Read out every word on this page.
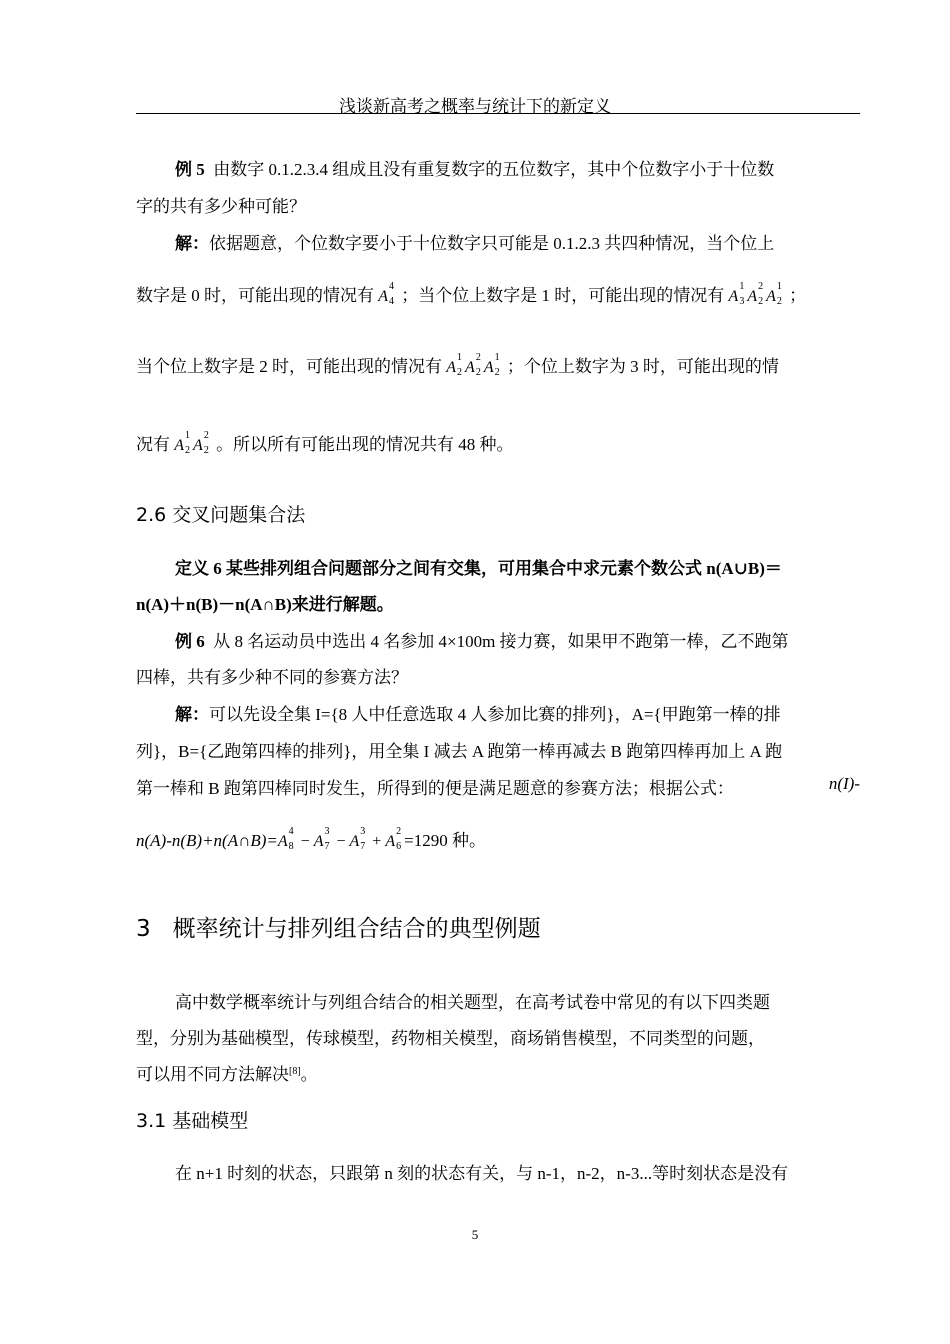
浅谈新高考之概率与统计下的新定义
例 5 由数字 0.1.2.3.4 组成且没有重复数字的五位数字，其中个位数字小于十位数
字的共有多少种可能？
解：依据题意，个位数字要小于十位数字只可能是 0.1.2.3 共四种情况，当个位上
数字是 0 时，可能出现的情况有 A
4
4 ；当个位上数字是 1 时，可能出现的情况有 A
1
3 A
2
2 A
1
2 ；
当个位上数字是 2 时，可能出现的情况有 A
1
2 A
2
2 A
1
2 ；个位上数字为 3 时，可能出现的情
况有 A
1
2 A
2
2 。所以所有可能出现的情况共有 48 种。
2.6 交叉问题集合法
定义 6 某些排列组合问题部分之间有交集，可用集合中求元素个数公式 n(A∪B)＝
n(A)＋n(B)－n(A∩B)来进行解题。
例 6 从 8 名运动员中选出 4 名参加 4×100m 接力赛，如果甲不跑第一棒，乙不跑第
四棒，共有多少种不同的参赛方法？
解：可以先设全集 I={8 人中任意选取 4 人参加比赛的排列}，A={甲跑第一棒的排
列}，B={乙跑第四棒的排列}，用全集 I 减去 A 跑第一棒再减去 B 跑第四棒再加上 A 跑
第一棒和 B 跑第四棒同时发生，所得到的便是满足题意的参赛方法；根据公式：	n(I)-
n(A)-n(B)+n(A∩B)=A
4
8 − A
3
7 − A
3
7 + A
2
6 =1290 种。
3 概率统计与排列组合结合的典型例题
高中数学概率统计与列组合结合的相关题型，在高考试卷中常见的有以下四类题
型，分别为基础模型，传球模型，药物相关模型，商场销售模型，不同类型的问题，
可以用不同方法解决[8]。
3.1 基础模型
在 n+1 时刻的状态，只跟第 n 刻的状态有关，与 n-1，n-2，n-3...等时刻状态是没有
5
